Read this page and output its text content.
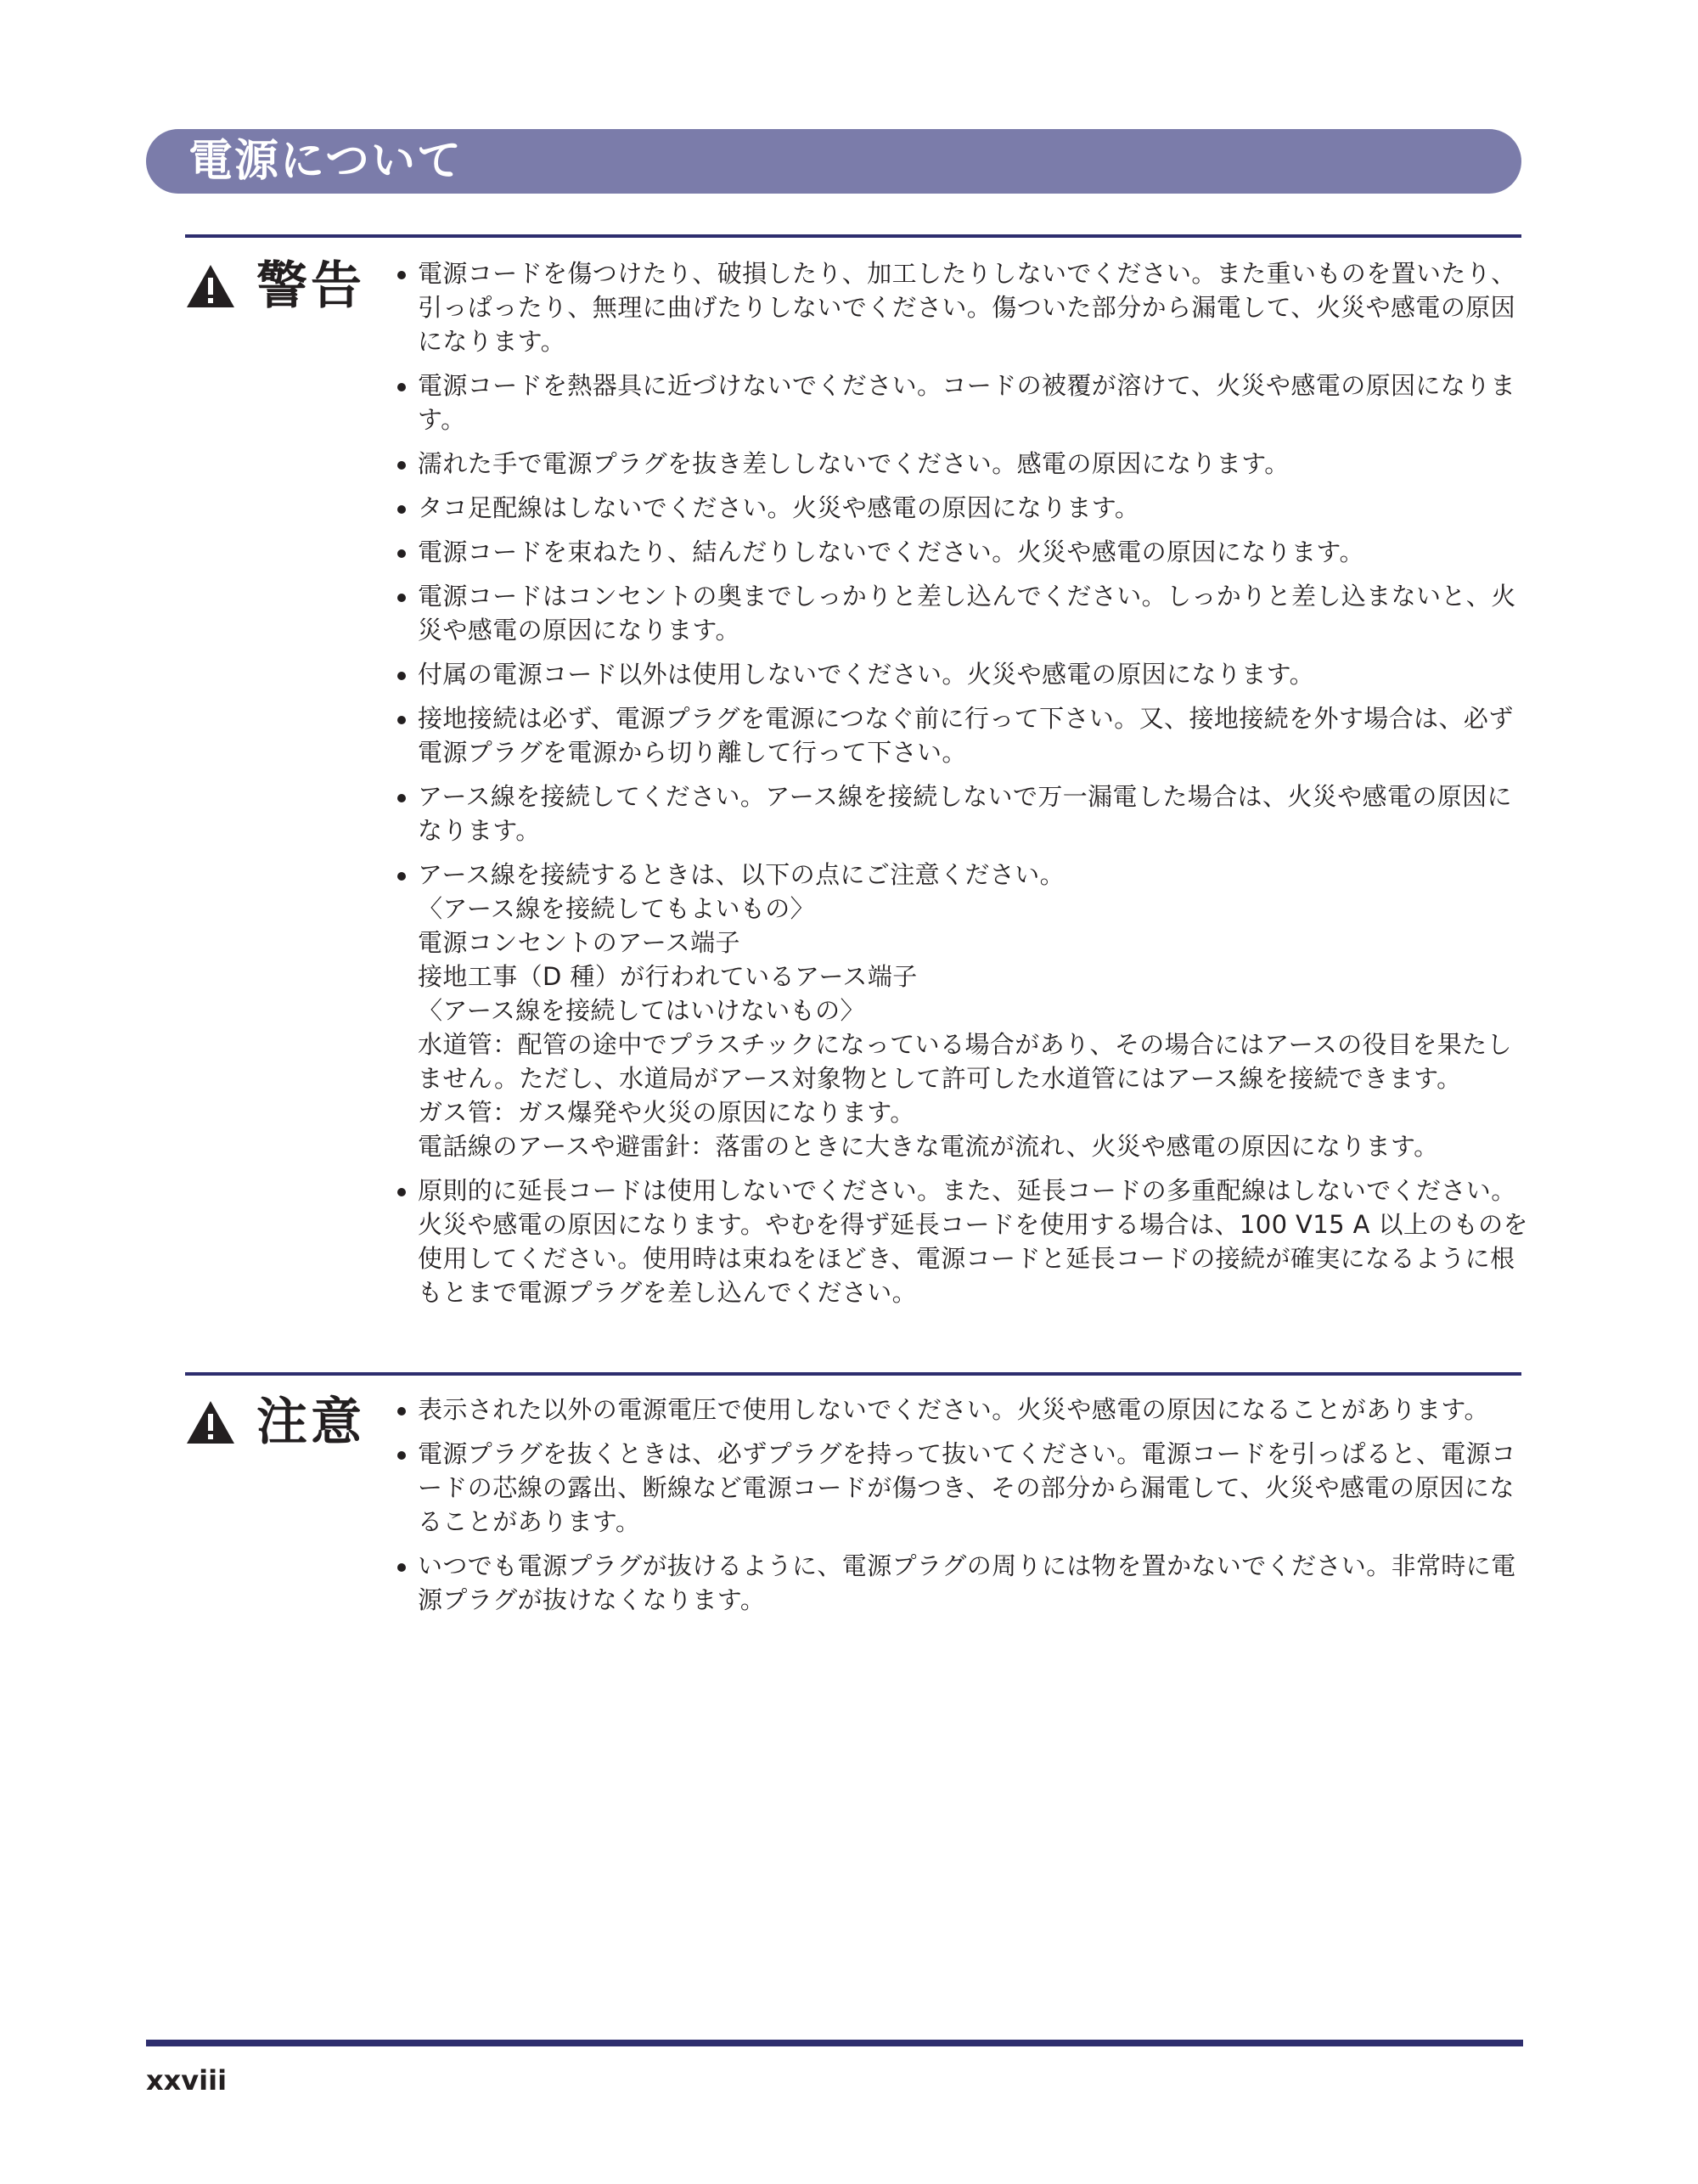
電源について
警告	電源コードを傷つけたり、破損したり、加工したりしないでください。また重いものを置いたり、引っぱったり、無理に曲げたりしないでください。傷ついた部分から漏電して、火災や感電の原因になります。
電源コードを熱器具に近づけないでください。コードの被覆が溶けて、火災や感電の原因になります。
濡れた手で電源プラグを抜き差ししないでください。感電の原因になります。
タコ足配線はしないでください。火災や感電の原因になります。
電源コードを束ねたり、結んだりしないでください。火災や感電の原因になります。
電源コードはコンセントの奥までしっかりと差し込んでください。しっかりと差し込まないと、火災や感電の原因になります。
付属の電源コード以外は使用しないでください。火災や感電の原因になります。
接地接続は必ず、電源プラグを電源につなぐ前に行って下さい。又、接地接続を外す場合は、必ず電源プラグを電源から切り離して行って下さい。
アース線を接続してください。アース線を接続しないで万一漏電した場合は、火災や感電の原因になります。
アース線を接続するときは、以下の点にご注意ください。
〈アース線を接続してもよいもの〉
電源コンセントのアース端子
接地工事（D 種）が行われているアース端子
〈アース線を接続してはいけないもの〉
水道管：配管の途中でプラスチックになっている場合があり、その場合にはアースの役目を果たしません。ただし、水道局がアース対象物として許可した水道管にはアース線を接続できます。
ガス管：ガス爆発や火災の原因になります。
電話線のアースや避雷針：落雷のときに大きな電流が流れ、火災や感電の原因になります。
原則的に延長コードは使用しないでください。また、延長コードの多重配線はしないでください。火災や感電の原因になります。やむを得ず延長コードを使用する場合は、100 V15 A 以上のものを使用してください。使用時は束ねをほどき、電源コードと延長コードの接続が確実になるように根もとまで電源プラグを差し込んでください。
注意	表示された以外の電源電圧で使用しないでください。火災や感電の原因になることがあります。
電源プラグを抜くときは、必ずプラグを持って抜いてください。電源コードを引っぱると、電源コードの芯線の露出、断線など電源コードが傷つき、その部分から漏電して、火災や感電の原因になることがあります。
いつでも電源プラグが抜けるように、電源プラグの周りには物を置かないでください。非常時に電源プラグが抜けなくなります。
xxviii
